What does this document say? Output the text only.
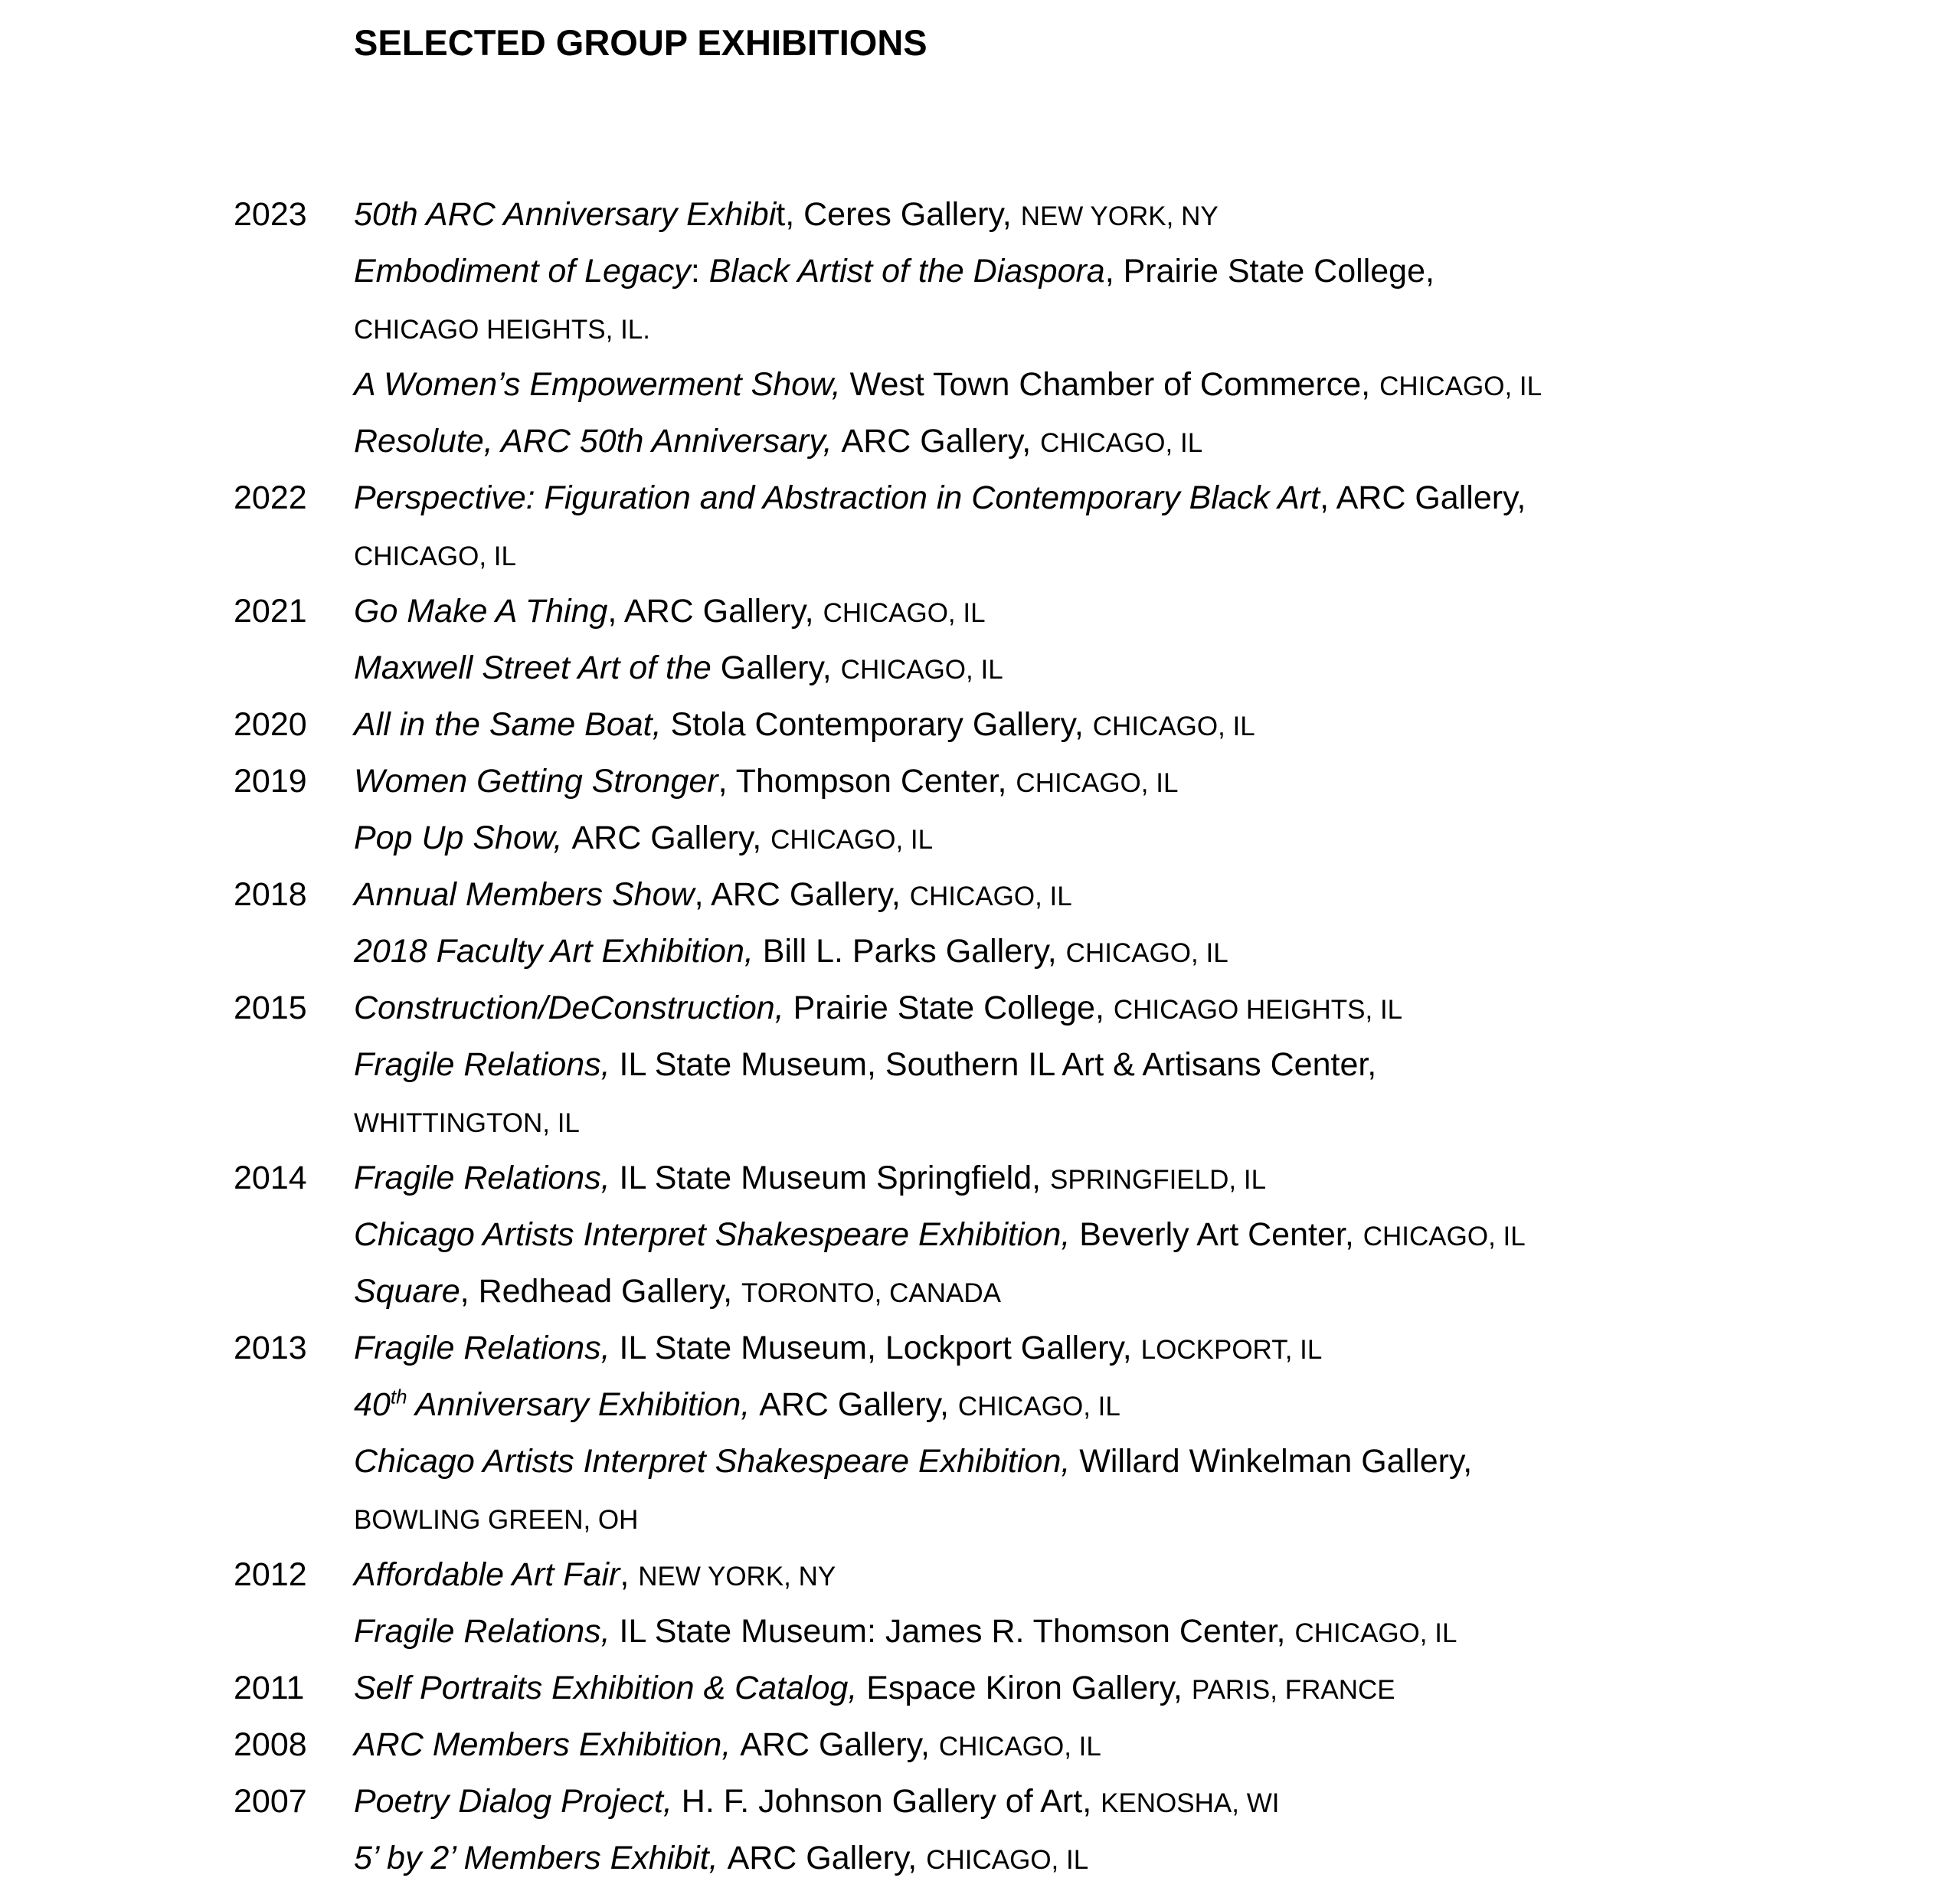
SELECTED GROUP EXHIBITIONS
2023 50th ARC Anniversary Exhibit, Ceres Gallery, NEW YORK, NY
Embodiment of Legacy: Black Artist of the Diaspora, Prairie State College,
CHICAGO HEIGHTS, IL.
A Women’s Empowerment Show, West Town Chamber of Commerce, CHICAGO, IL
Resolute, ARC 50th Anniversary, ARC Gallery, CHICAGO, IL
2022 Perspective: Figuration and Abstraction in Contemporary Black Art, ARC Gallery,
CHICAGO, IL
2021 Go Make A Thing, ARC Gallery, CHICAGO, IL
Maxwell Street Art of the Gallery, CHICAGO, IL
2020 All in the Same Boat, Stola Contemporary Gallery, CHICAGO, IL
2019 Women Getting Stronger, Thompson Center, CHICAGO, IL
Pop Up Show, ARC Gallery, CHICAGO, IL
2018 Annual Members Show, ARC Gallery, CHICAGO, IL
2018 Faculty Art Exhibition, Bill L. Parks Gallery, CHICAGO, IL
2015 Construction/DeConstruction, Prairie State College, CHICAGO HEIGHTS, IL
Fragile Relations, IL State Museum, Southern IL Art & Artisans Center,
WHITTINGTON, IL
2014 Fragile Relations, IL State Museum Springfield, SPRINGFIELD, IL
Chicago Artists Interpret Shakespeare Exhibition, Beverly Art Center, CHICAGO, IL
Square, Redhead Gallery, TORONTO, CANADA
2013 Fragile Relations, IL State Museum, Lockport Gallery, LOCKPORT, IL
40th Anniversary Exhibition, ARC Gallery, CHICAGO, IL
Chicago Artists Interpret Shakespeare Exhibition, Willard Winkelman Gallery,
BOWLING GREEN, OH
2012 Affordable Art Fair, NEW YORK, NY
Fragile Relations, IL State Museum: James R. Thomson Center, CHICAGO, IL
2011 Self Portraits Exhibition & Catalog, Espace Kiron Gallery, PARIS, FRANCE
2008 ARC Members Exhibition, ARC Gallery, CHICAGO, IL
2007 Poetry Dialog Project, H. F. Johnson Gallery of Art, KENOSHA, WI
5’ by 2’ Members Exhibit, ARC Gallery, CHICAGO, IL
